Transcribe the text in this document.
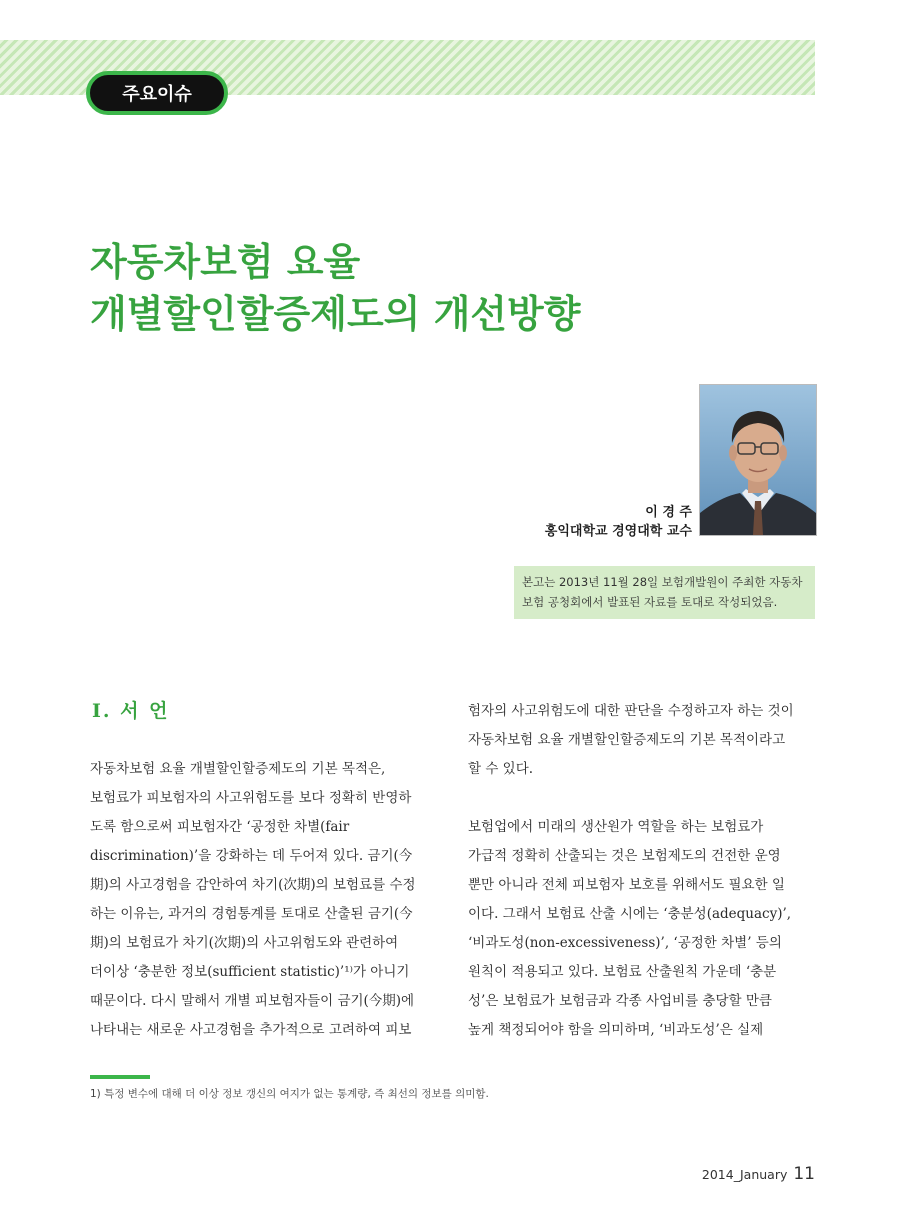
주요이슈
자동차보험 요율
개별할인할증제도의 개선방향
이 경 주
홍익대학교 경영대학 교수
본고는 2013년 11월 28일 보험개발원이 주최한 자동차
보험 공청회에서 발표된 자료를 토대로 작성되었음.
Ⅰ. 서 언
자동차보험 요율 개별할인할증제도의 기본 목적은,
보험료가 피보험자의 사고위험도를 보다 정확히 반영하
도록 함으로써 피보험자간 ‘공정한 차별(fair
discrimination)’을 강화하는 데 두어져 있다. 금기(今
期)의 사고경험을 감안하여 차기(次期)의 보험료를 수정
하는 이유는, 과거의 경험통계를 토대로 산출된 금기(今
期)의 보험료가 차기(次期)의 사고위험도와 관련하여
더이상 ‘충분한 정보(sufficient statistic)’¹⁾가 아니기
때문이다. 다시 말해서 개별 피보험자들이 금기(今期)에
나타내는 새로운 사고경험을 추가적으로 고려하여 피보
험자의 사고위험도에 대한 판단을 수정하고자 하는 것이
자동차보험 요율 개별할인할증제도의 기본 목적이라고
할 수 있다.
보험업에서 미래의 생산원가 역할을 하는 보험료가
가급적 정확히 산출되는 것은 보험제도의 건전한 운영
뿐만 아니라 전체 피보험자 보호를 위해서도 필요한 일
이다. 그래서 보험료 산출 시에는 ‘충분성(adequacy)’,
‘비과도성(non-excessiveness)’, ‘공정한 차별’ 등의
원칙이 적용되고 있다. 보험료 산출원칙 가운데 ‘충분
성’은 보험료가 보험금과 각종 사업비를 충당할 만큼
높게 책정되어야 함을 의미하며, ‘비과도성’은 실제
1) 특정 변수에 대해 더 이상 정보 갱신의 여지가 없는 통계량, 즉 최선의 정보를 의미함.
2014_January 11
